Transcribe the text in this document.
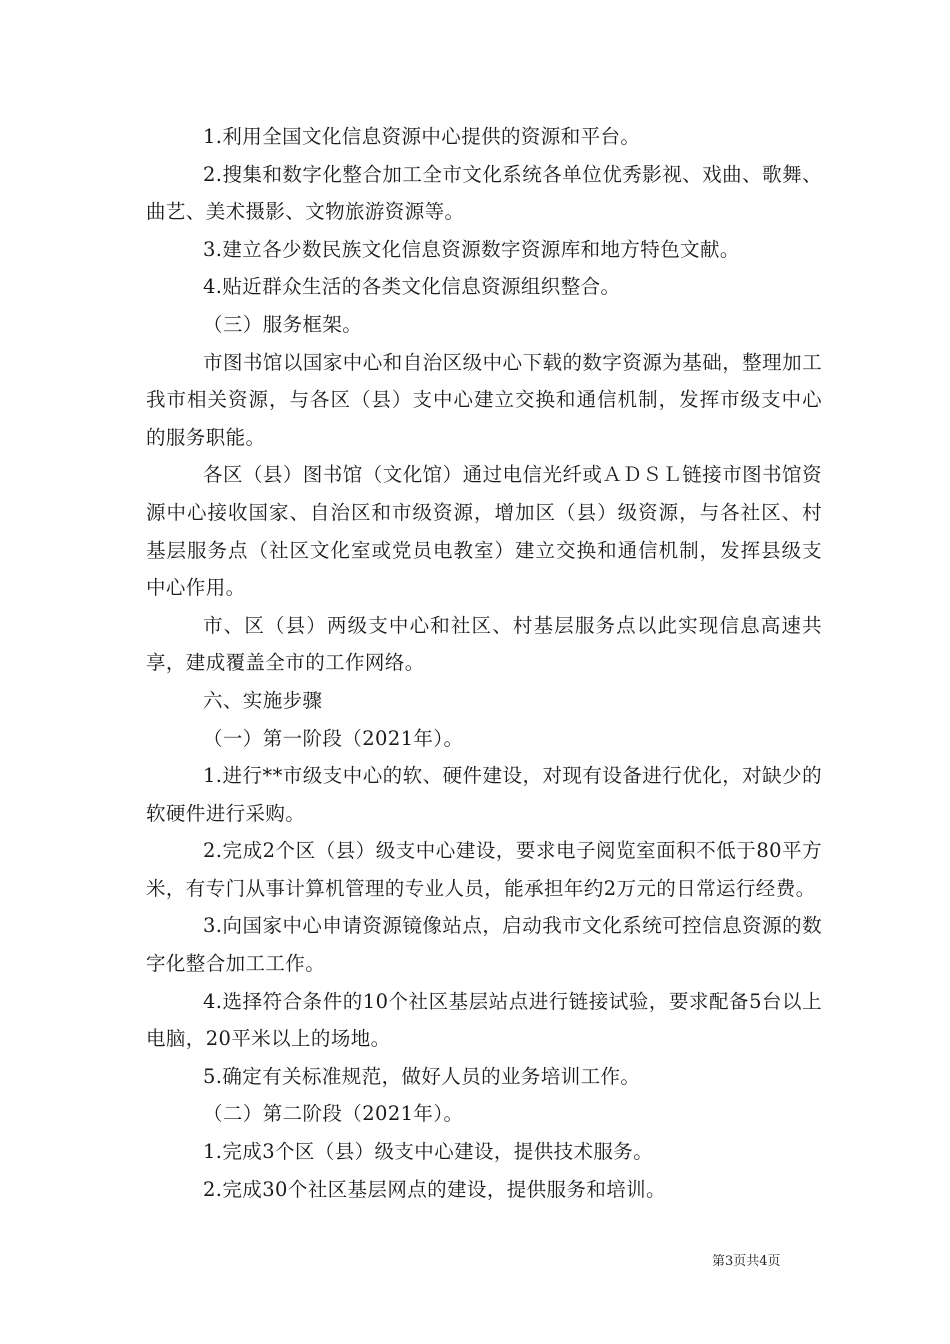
1.利用全国文化信息资源中心提供的资源和平台。

2.搜集和数字化整合加工全市文化系统各单位优秀影视、戏曲、歌舞、曲艺、美术摄影、文物旅游资源等。

3.建立各少数民族文化信息资源数字资源库和地方特色文献。

4.贴近群众生活的各类文化信息资源组织整合。

（三）服务框架。

市图书馆以国家中心和自治区级中心下载的数字资源为基础，整理加工我市相关资源，与各区（县）支中心建立交换和通信机制，发挥市级支中心的服务职能。

各区（县）图书馆（文化馆）通过电信光纤或ＡＤＳＬ链接市图书馆资源中心接收国家、自治区和市级资源，增加区（县）级资源，与各社区、村基层服务点（社区文化室或党员电教室）建立交换和通信机制，发挥县级支中心作用。

市、区（县）两级支中心和社区、村基层服务点以此实现信息高速共享，建成覆盖全市的工作网络。

六、实施步骤

（一）第一阶段（2021年）。

1.进行**市级支中心的软、硬件建设，对现有设备进行优化，对缺少的软硬件进行采购。

2.完成2个区（县）级支中心建设，要求电子阅览室面积不低于80平方米，有专门从事计算机管理的专业人员，能承担年约2万元的日常运行经费。

3.向国家中心申请资源镜像站点，启动我市文化系统可控信息资源的数字化整合加工工作。

4.选择符合条件的10个社区基层站点进行链接试验，要求配备5台以上电脑，20平米以上的场地。

5.确定有关标准规范，做好人员的业务培训工作。

（二）第二阶段（2021年）。

1.完成3个区（县）级支中心建设，提供技术服务。

2.完成30个社区基层网点的建设，提供服务和培训。

第3页共4页
